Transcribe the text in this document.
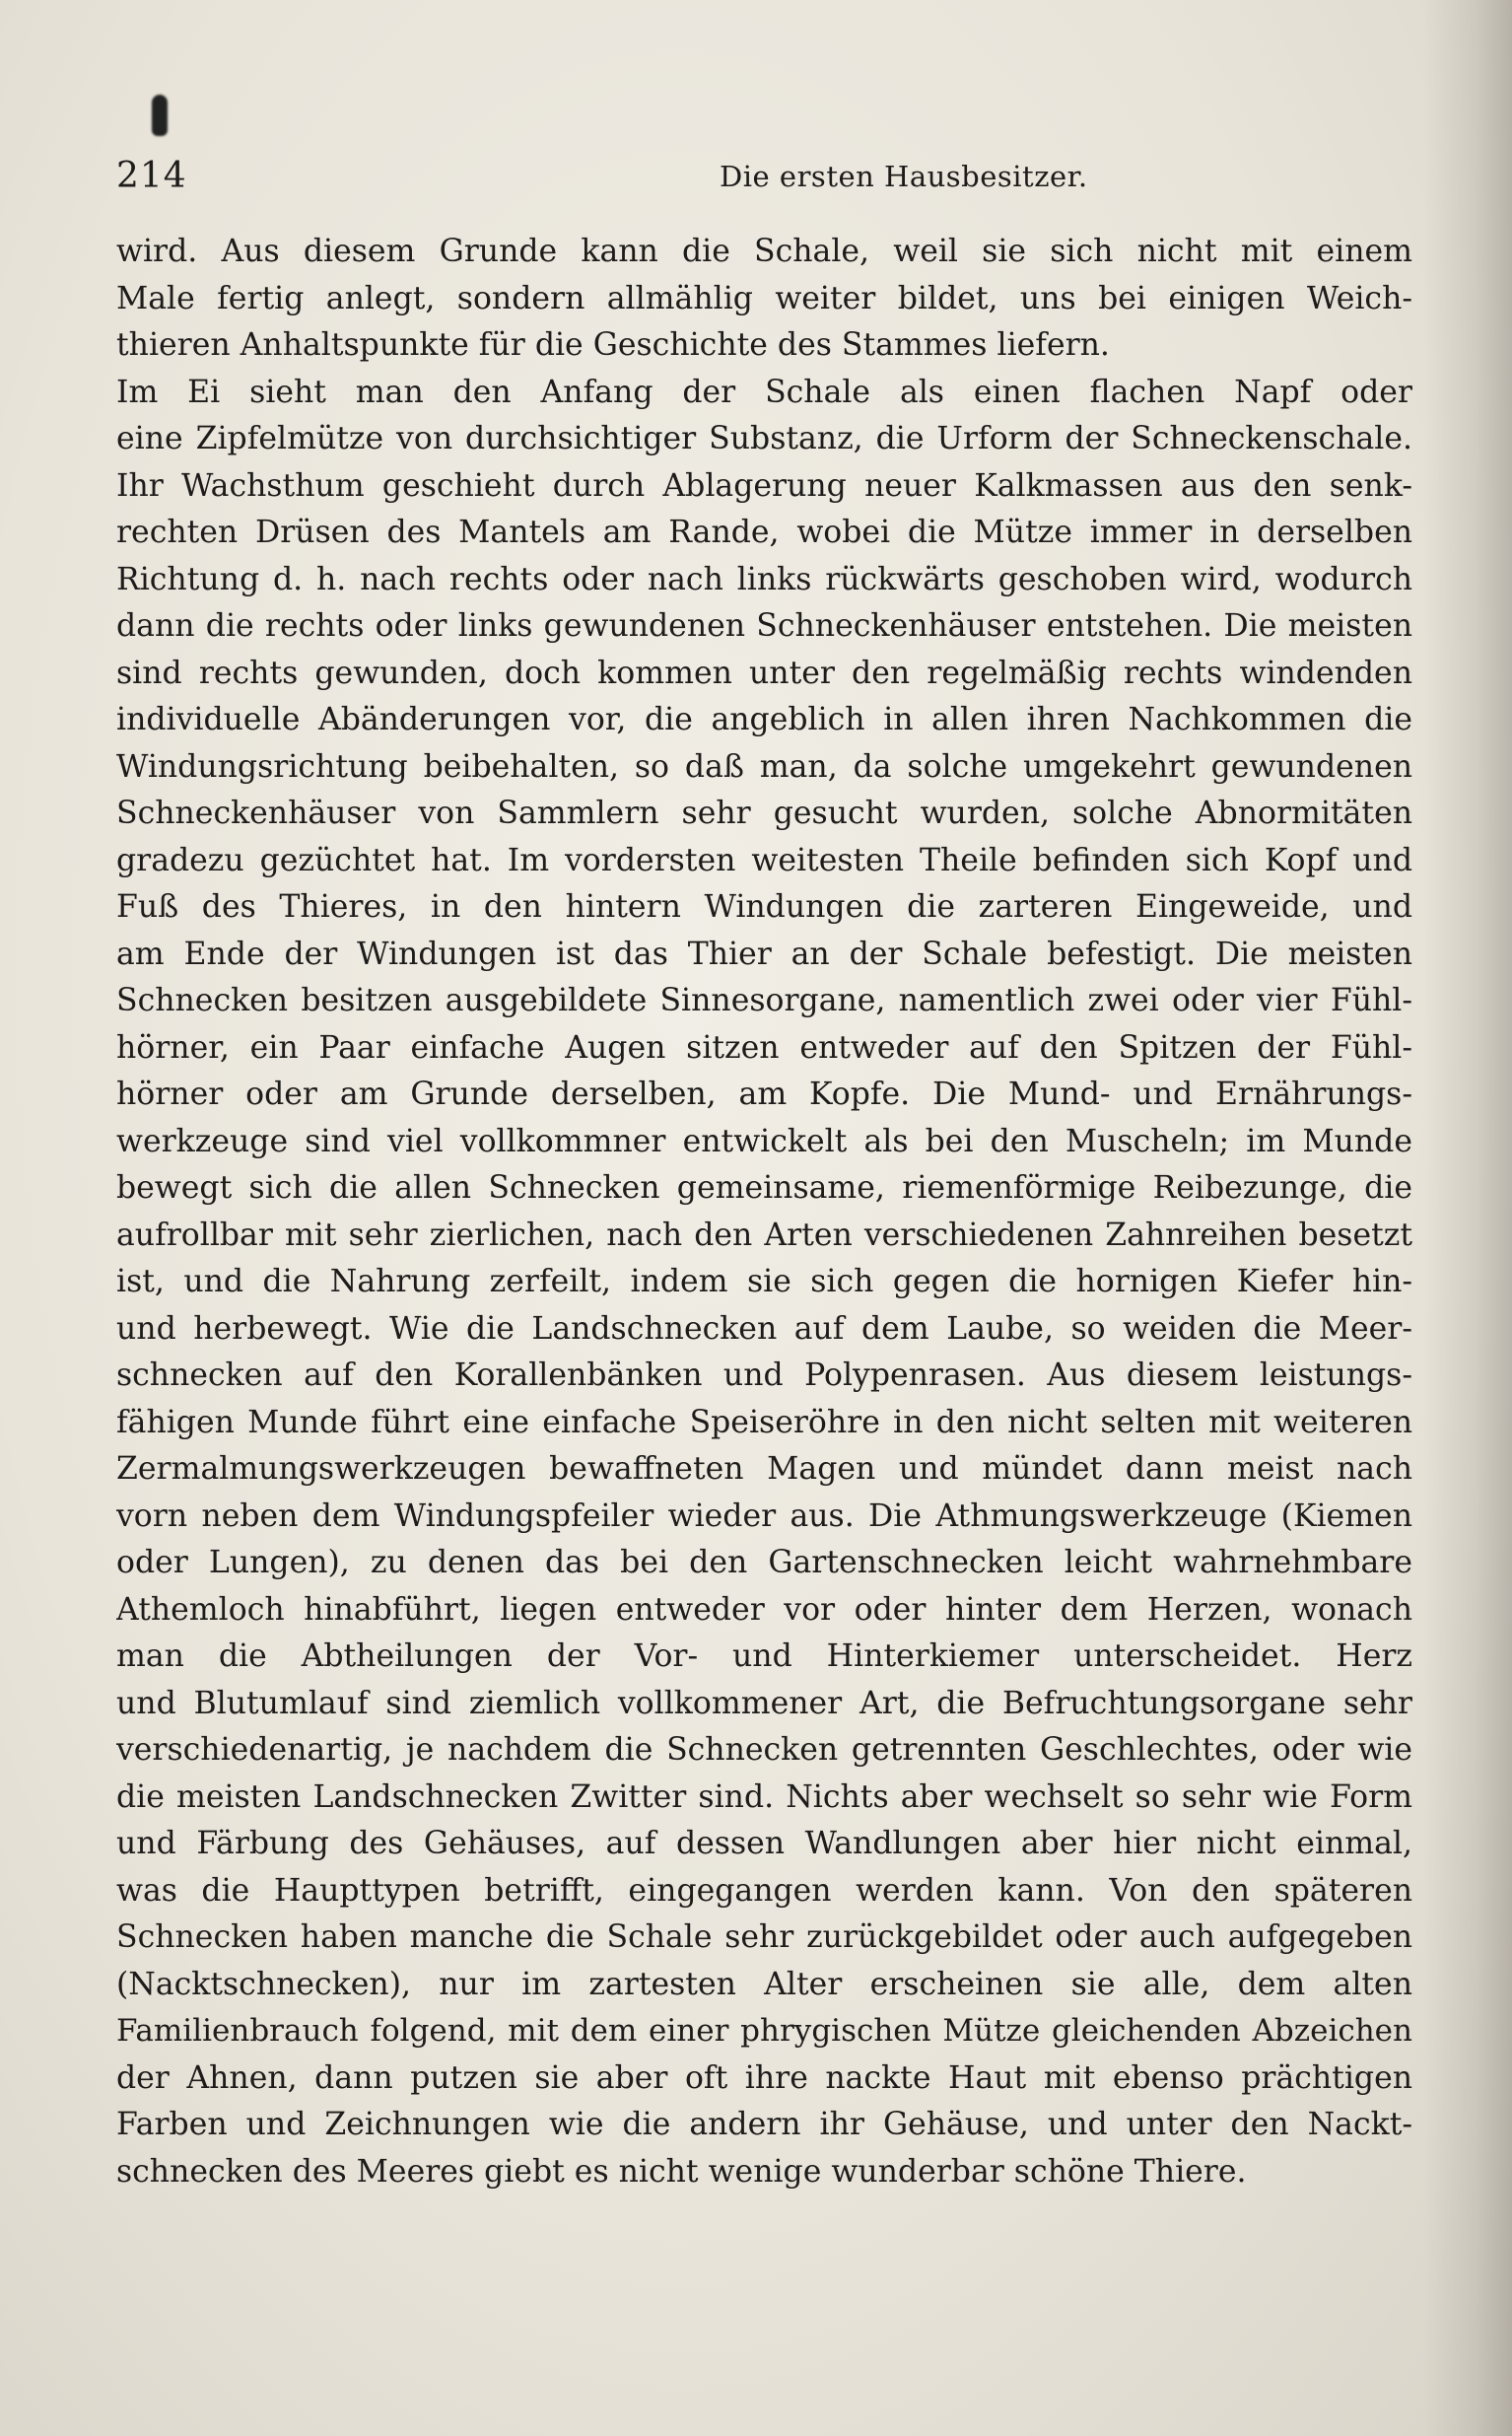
214	Die ersten Hausbesitzer.
wird. Aus diesem Grunde kann die Schale, weil sie sich nicht mit einem
Male fertig anlegt, sondern allmählig weiter bildet, uns bei einigen Weich-
thieren Anhaltspunkte für die Geschichte des Stammes liefern.
Im Ei sieht man den Anfang der Schale als einen flachen Napf oder
eine Zipfelmütze von durchsichtiger Substanz, die Urform der Schneckenschale.
Ihr Wachsthum geschieht durch Ablagerung neuer Kalkmassen aus den senk-
rechten Drüsen des Mantels am Rande, wobei die Mütze immer in derselben
Richtung d. h. nach rechts oder nach links rückwärts geschoben wird, wodurch
dann die rechts oder links gewundenen Schneckenhäuser entstehen. Die meisten
sind rechts gewunden, doch kommen unter den regelmäßig rechts windenden
individuelle Abänderungen vor, die angeblich in allen ihren Nachkommen die
Windungsrichtung beibehalten, so daß man, da solche umgekehrt gewundenen
Schneckenhäuser von Sammlern sehr gesucht wurden, solche Abnormitäten
gradezu gezüchtet hat. Im vordersten weitesten Theile befinden sich Kopf und
Fuß des Thieres, in den hintern Windungen die zarteren Eingeweide, und
am Ende der Windungen ist das Thier an der Schale befestigt. Die meisten
Schnecken besitzen ausgebildete Sinnesorgane, namentlich zwei oder vier Fühl-
hörner, ein Paar einfache Augen sitzen entweder auf den Spitzen der Fühl-
hörner oder am Grunde derselben, am Kopfe. Die Mund- und Ernährungs-
werkzeuge sind viel vollkommner entwickelt als bei den Muscheln; im Munde
bewegt sich die allen Schnecken gemeinsame, riemenförmige Reibezunge, die
aufrollbar mit sehr zierlichen, nach den Arten verschiedenen Zahnreihen besetzt
ist, und die Nahrung zerfeilt, indem sie sich gegen die hornigen Kiefer hin-
und herbewegt. Wie die Landschnecken auf dem Laube, so weiden die Meer-
schnecken auf den Korallenbänken und Polypenrasen. Aus diesem leistungs-
fähigen Munde führt eine einfache Speiseröhre in den nicht selten mit weiteren
Zermalmungswerkzeugen bewaffneten Magen und mündet dann meist nach
vorn neben dem Windungspfeiler wieder aus. Die Athmungswerkzeuge (Kiemen
oder Lungen), zu denen das bei den Gartenschnecken leicht wahrnehmbare
Athemloch hinabführt, liegen entweder vor oder hinter dem Herzen, wonach
man die Abtheilungen der Vor- und Hinterkiemer unterscheidet. Herz
und Blutumlauf sind ziemlich vollkommener Art, die Befruchtungsorgane sehr
verschiedenartig, je nachdem die Schnecken getrennten Geschlechtes, oder wie
die meisten Landschnecken Zwitter sind. Nichts aber wechselt so sehr wie Form
und Färbung des Gehäuses, auf dessen Wandlungen aber hier nicht einmal,
was die Haupttypen betrifft, eingegangen werden kann. Von den späteren
Schnecken haben manche die Schale sehr zurückgebildet oder auch aufgegeben
(Nacktschnecken), nur im zartesten Alter erscheinen sie alle, dem alten
Familienbrauch folgend, mit dem einer phrygischen Mütze gleichenden Abzeichen
der Ahnen, dann putzen sie aber oft ihre nackte Haut mit ebenso prächtigen
Farben und Zeichnungen wie die andern ihr Gehäuse, und unter den Nackt-
schnecken des Meeres giebt es nicht wenige wunderbar schöne Thiere.
